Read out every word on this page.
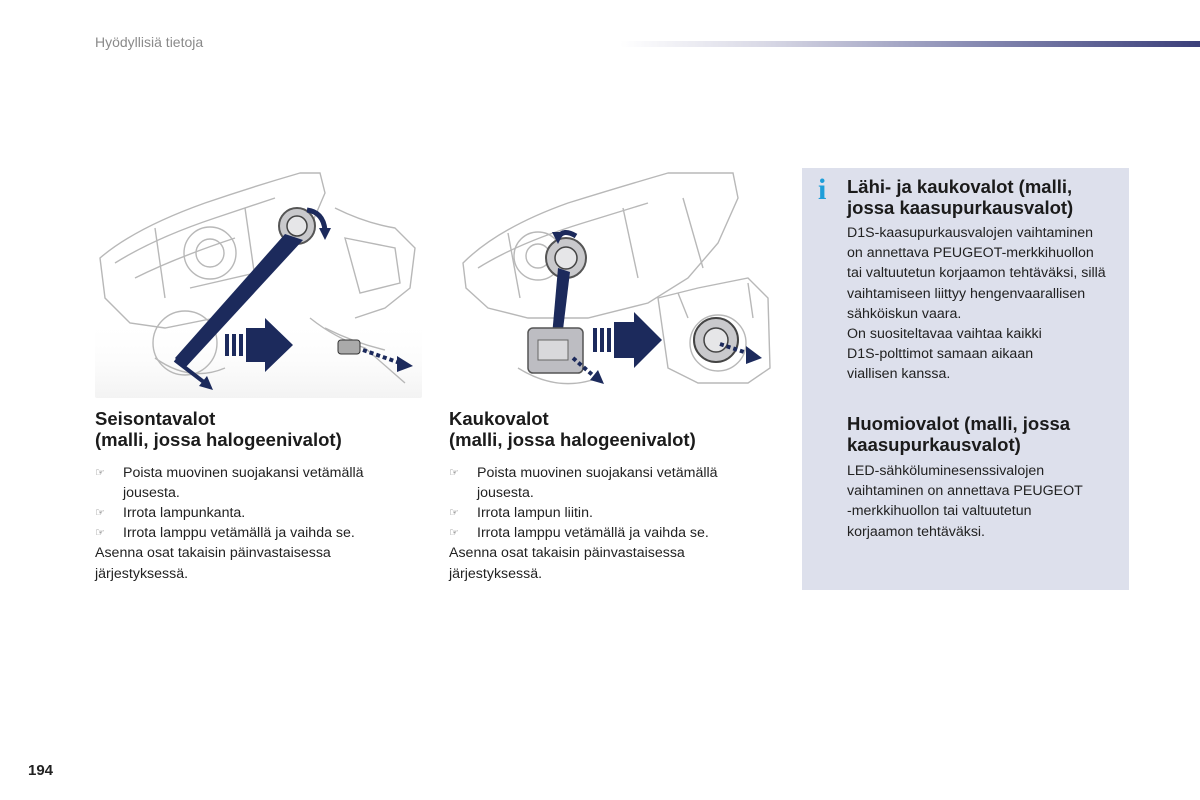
Hyödyllisiä tietoja
Seisontavalot
(malli, jossa halogeenivalot)
☞ Poista muovinen suojakansi vetämällä jousesta.
☞ Irrota lampunkanta.
☞ Irrota lamppu vetämällä ja vaihda se.

Asenna osat takaisin päinvastaisessa
järjestyksessä.

Kaukovalot
(malli, jossa halogeenivalot)
☞ Poista muovinen suojakansi vetämällä jousesta.
☞ Irrota lampun liitin.
☞ Irrota lamppu vetämällä ja vaihda se.

Asenna osat takaisin päinvastaisessa
järjestyksessä.

i Lähi- ja kaukovalot (malli,
jossa kaasupurkausvalot)

D1S-kaasupurkausvalojen vaihtaminen
on annettava PEUGEOT-merkkihuollon
tai valtuutetun korjaamon tehtäväksi, sillä
vaihtamiseen liittyy hengenvaarallisen
sähköiskun vaara.
On suositeltavaa vaihtaa kaikki
D1S-polttimot samaan aikaan
viallisen kanssa.

Huomiovalot (malli, jossa
kaasupurkausvalot)

LED-sähköluminesenssivalojen
vaihtaminen on annettava PEUGEOT
-merkkihuollon tai valtuutetun
korjaamon tehtäväksi.

194
